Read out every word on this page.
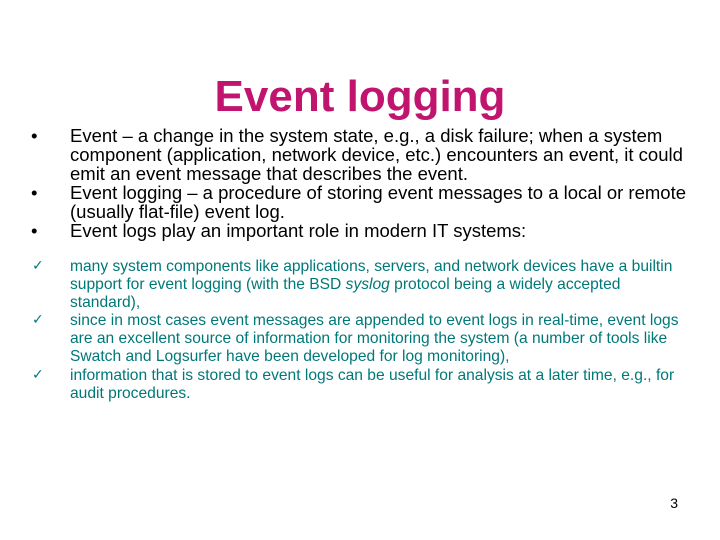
Event logging
• Event – a change in the system state, e.g., a disk failure; when a system component (application, network device, etc.) encounters an event, it could emit an event message that describes the event.
• Event logging – a procedure of storing event messages to a local or remote (usually flat-file) event log.
• Event logs play an important role in modern IT systems:
✓ many system components like applications, servers, and network devices have a builtin support for event logging (with the BSD syslog protocol being a widely accepted standard),
✓ since in most cases event messages are appended to event logs in real-time, event logs are an excellent source of information for monitoring the system (a number of tools like Swatch and Logsurfer have been developed for log monitoring),
✓ information that is stored to event logs can be useful for analysis at a later time, e.g., for audit procedures.
3
